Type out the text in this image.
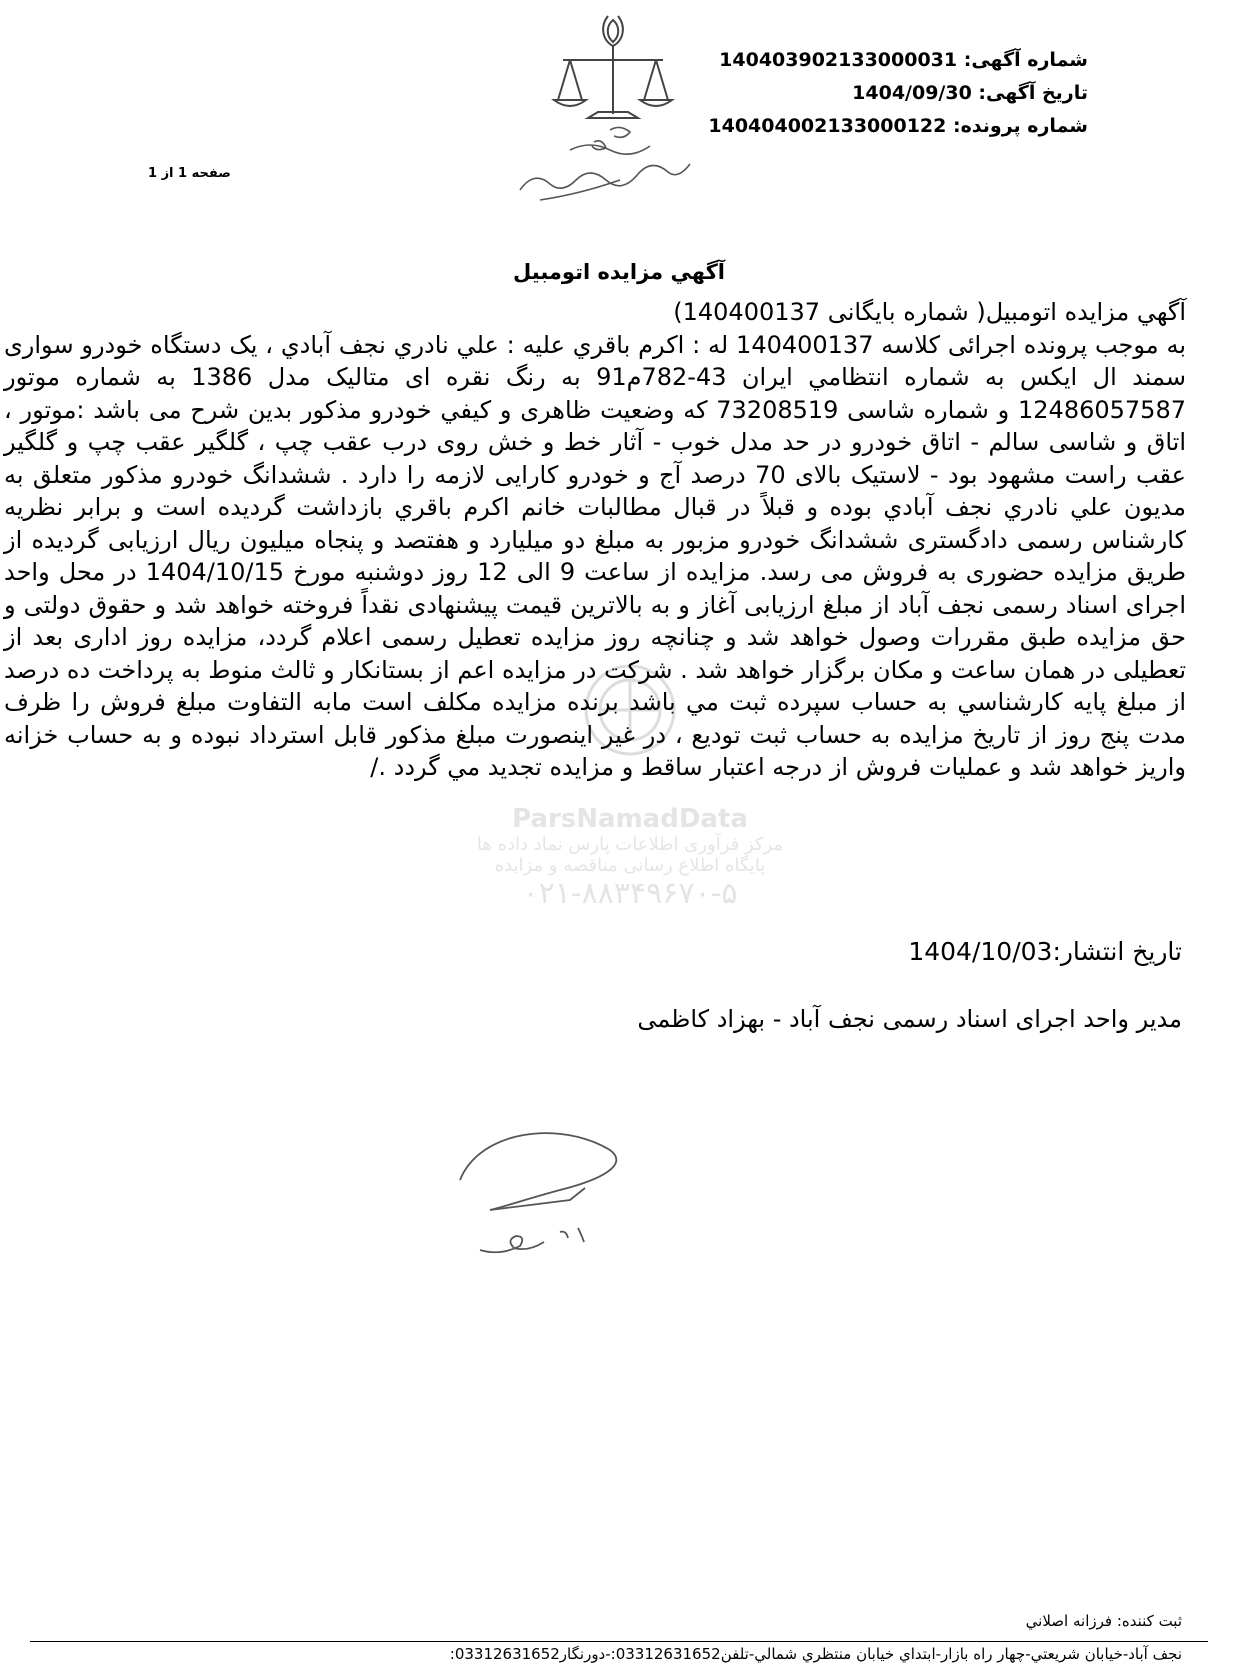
شماره آگهی: 140403902133000031
تاریخ آگهی: 1404/09/30
شماره پرونده: 140404002133000122
صفحه 1 از 1
آگهي مزايده اتومبيل
ParsNamadData
مرکز فرآوری اطلاعات پارس نماد داده ها
پایگاه اطلاع رسانی مناقصه و مزایده
۰۲۱-۸۸۳۴۹۶۷۰-۵
آگهي مزايده اتومبيل( شماره بایگانی 140400137)
به موجب پرونده اجرائی کلاسه 140400137 له : اکرم باقري عليه : علي نادري نجف آبادي ، يک دستگاه خودرو سواری سمند ال ايکس به شماره انتظامي ايران 43-782م91 به رنگ نقره ای متاليک مدل 1386 به شماره موتور 12486057587 و شماره شاسی 73208519 که وضعيت ظاهری و کيفي خودرو مذکور بدين شرح می باشد :موتور ، اتاق و شاسی سالم - اتاق خودرو در حد مدل خوب - آثار خط و خش روی درب عقب چپ ، گلگير عقب چپ و گلگير عقب راست مشهود بود - لاستيک بالای 70 درصد آج و خودرو کارايی لازمه را دارد . ششدانگ خودرو مذکور متعلق به مديون علي نادري نجف آبادي بوده و قبلاً در قبال مطالبات خانم اکرم باقري بازداشت گرديده است و برابر نظريه کارشناس رسمی دادگستری ششدانگ خودرو مزبور به مبلغ دو ميليارد و هفتصد و پنجاه ميليون ريال ارزيابی گرديده از طريق مزايده حضوری به فروش می رسد. مزايده از ساعت 9 الی 12 روز دوشنبه مورخ 1404/10/15 در محل واحد اجرای اسناد رسمی نجف آباد از مبلغ ارزيابی آغاز و به بالاترين قيمت پيشنهادی نقداً فروخته خواهد شد و حقوق دولتی و حق مزايده طبق مقررات وصول خواهد شد و چنانچه روز مزايده تعطيل رسمی اعلام گردد، مزايده روز اداری بعد از تعطيلی در همان ساعت و مکان برگزار خواهد شد . شرکت در مزايده اعم از بستانکار و ثالث منوط به پرداخت ده درصد از مبلغ پايه کارشناسي به حساب سپرده ثبت مي باشد برنده مزايده مکلف است مابه التفاوت مبلغ فروش را ظرف مدت پنج روز از تاريخ مزايده به حساب ثبت توديع ، در غير اينصورت مبلغ مذکور قابل استرداد نبوده و به حساب خزانه واريز خواهد شد و عمليات فروش از درجه اعتبار ساقط و مزايده تجديد مي گردد ./
تاریخ انتشار:1404/10/03
مدير واحد اجرای اسناد رسمی نجف آباد - بهزاد کاظمی
ثبت کننده: فرزانه اصلاني
نجف آباد-خيابان شريعتي-چهار راه بازار-ابتداي خيابان منتظري شمالي-تلفن03312631652:-دورنگار03312631652:
